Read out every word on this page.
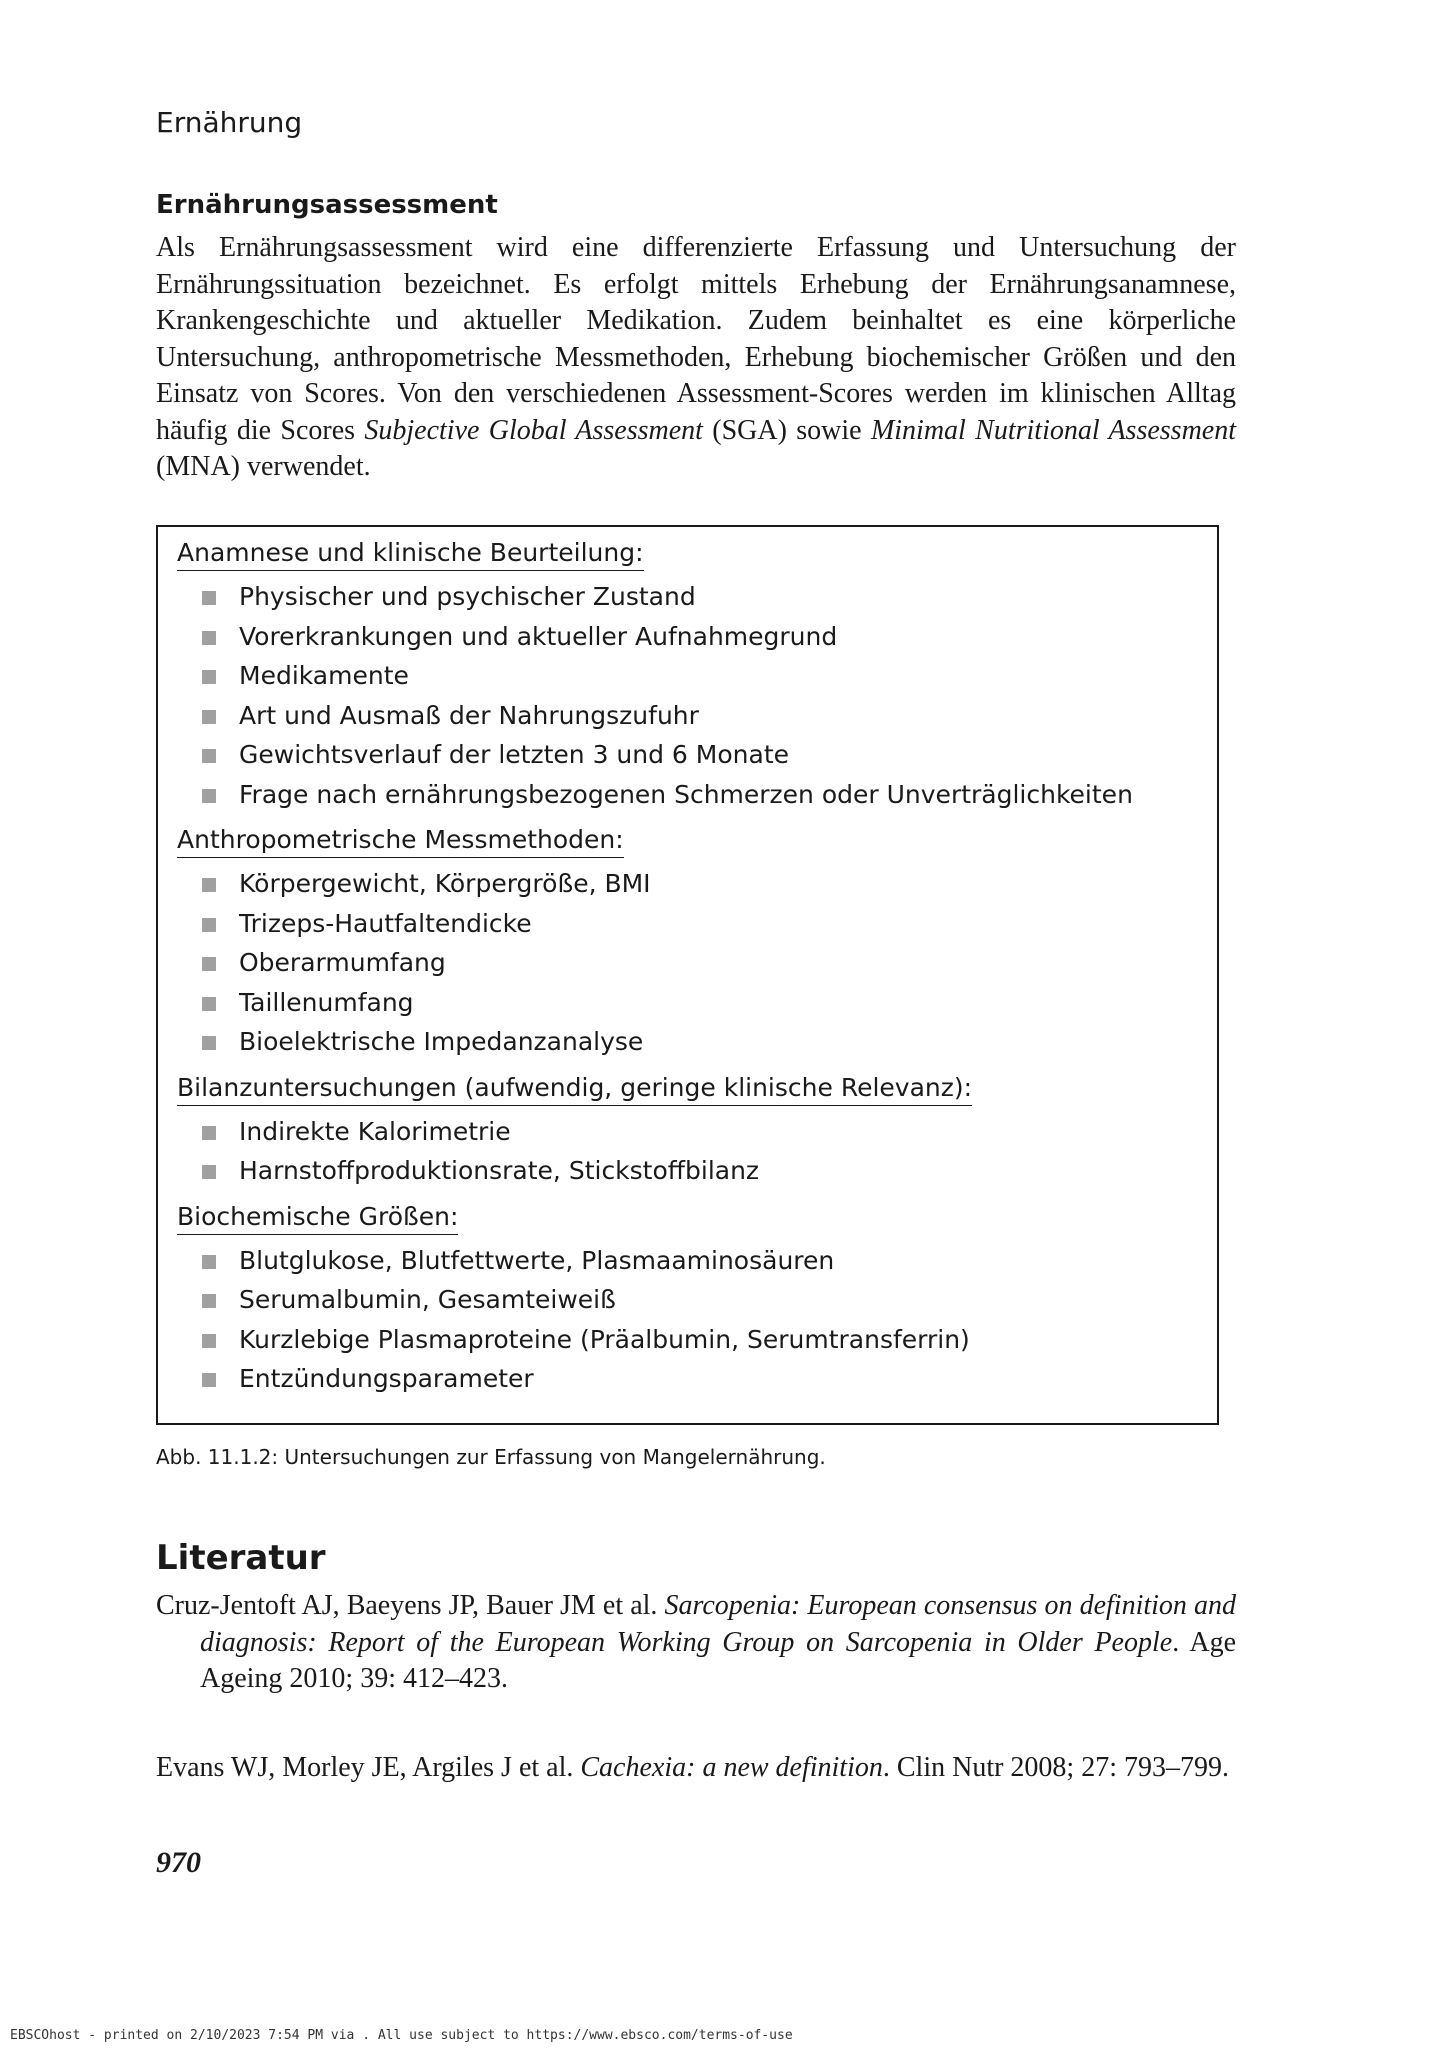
Ernährung
Ernährungsassessment

Als Ernährungsassessment wird eine differenzierte Erfassung und Untersuchung der Ernährungssituation bezeichnet. Es erfolgt mittels Erhebung der Ernährungsanamnese, Krankengeschichte und aktueller Medikation. Zudem beinhaltet es eine körperliche Untersuchung, anthropometrische Messmethoden, Erhebung biochemischer Größen und den Einsatz von Scores. Von den verschiedenen Assessment-Scores werden im klinischen Alltag häufig die Scores Subjective Global Assessment (SGA) sowie Minimal Nutritional Assessment (MNA) verwendet.

Anamnese und klinische Beurteilung:
Physischer und psychischer Zustand
Vorerkrankungen und aktueller Aufnahmegrund
Medikamente
Art und Ausmaß der Nahrungszufuhr
Gewichtsverlauf der letzten 3 und 6 Monate
Frage nach ernährungsbezogenen Schmerzen oder Unverträglichkeiten
Anthropometrische Messmethoden:
Körpergewicht, Körpergröße, BMI
Trizeps-Hautfaltendicke
Oberarmumfang
Taillenumfang
Bioelektrische Impedanzanalyse
Bilanzuntersuchungen (aufwendig, geringe klinische Relevanz):
Indirekte Kalorimetrie
Harnstoffproduktionsrate, Stickstoffbilanz
Biochemische Größen:
Blutglukose, Blutfettwerte, Plasmaaminosäuren
Serumalbumin, Gesamteiweiß
Kurzlebige Plasmaproteine (Präalbumin, Serumtransferrin)
Entzündungsparameter
Abb. 11.1.2: Untersuchungen zur Erfassung von Mangelernährung.
Literatur

Cruz-Jentoft AJ, Baeyens JP, Bauer JM et al. Sarcopenia: European consensus on definition and diagnosis: Report of the European Working Group on Sarcopenia in Older People. Age Ageing 2010; 39: 412–423.

Evans WJ, Morley JE, Argiles J et al. Cachexia: a new definition. Clin Nutr 2008; 27: 793–799.

970
EBSCOhost - printed on 2/10/2023 7:54 PM via . All use subject to https://www.ebsco.com/terms-of-use
